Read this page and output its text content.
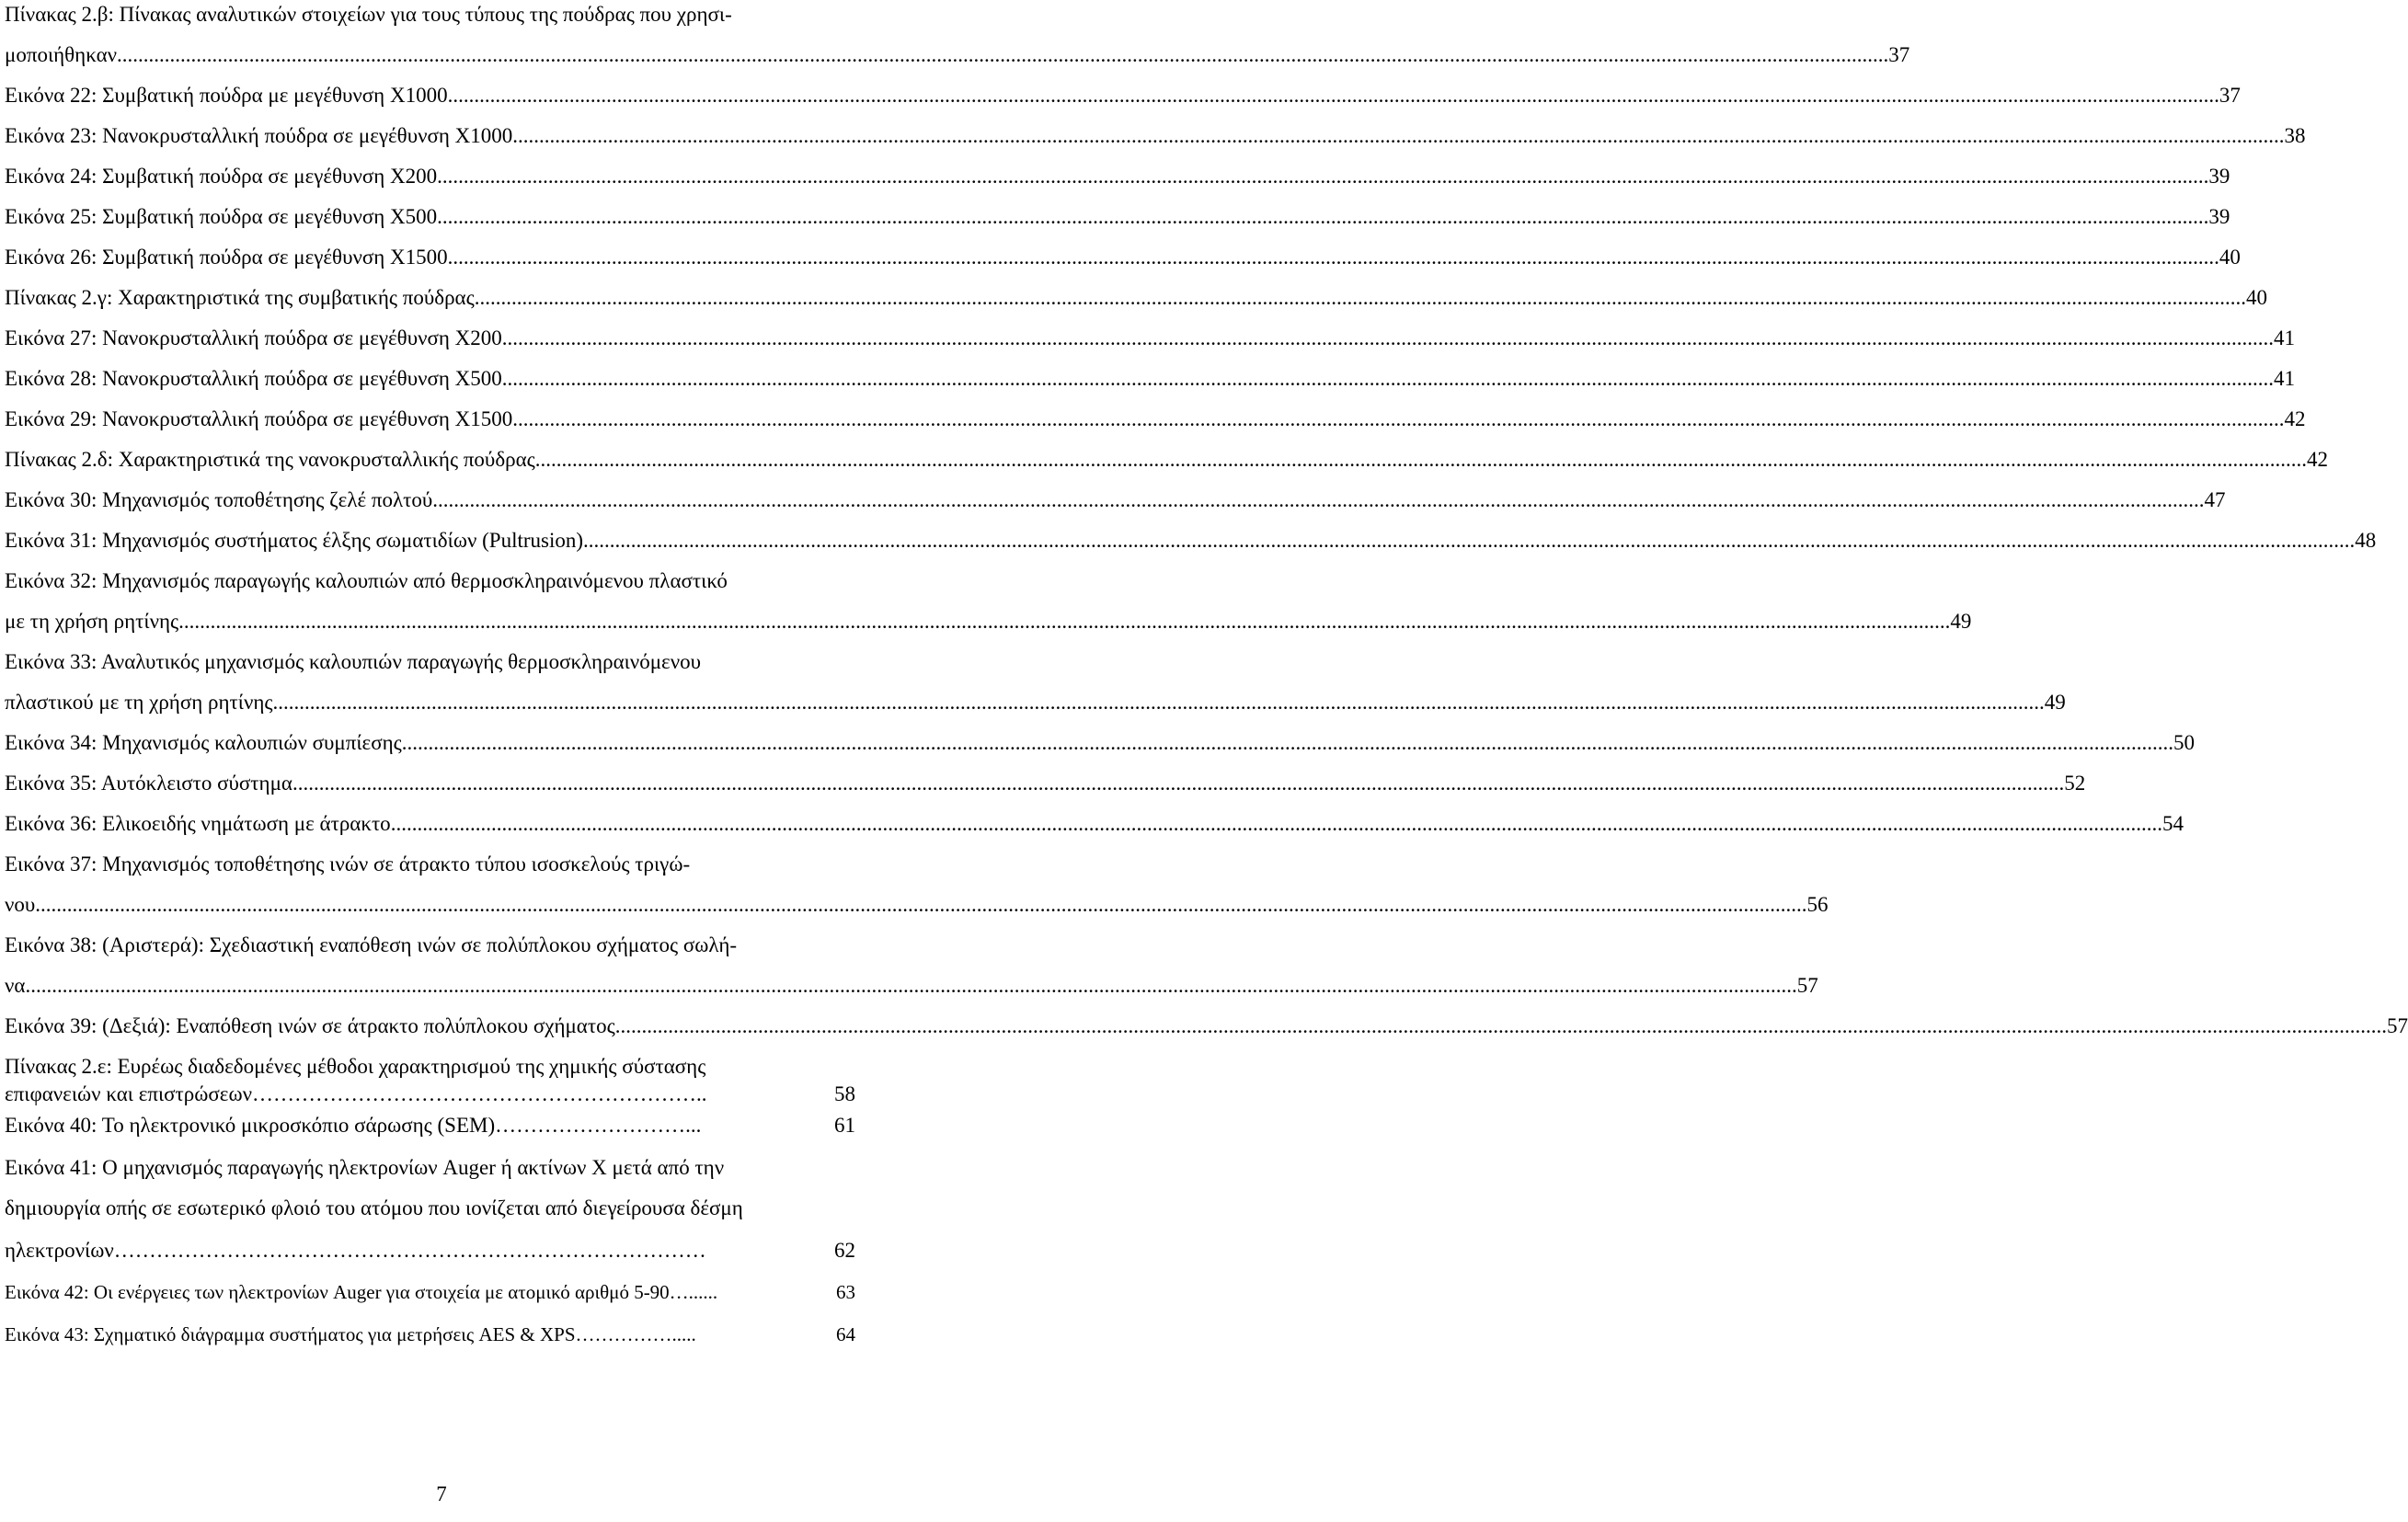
Πίνακας 2.β: Πίνακας αναλυτικών στοιχείων για τους τύπους της πούδρας που χρησι-
μοποιήθηκαν .....	37
Εικόνα 22: Συμβατική πούδρα με μεγέθυνση X1000 .....	37
Εικόνα 23: Νανοκρυσταλλική πούδρα σε μεγέθυνση X1000 .....	38
Εικόνα 24: Συμβατική πούδρα σε μεγέθυνση X200 .....	39
Εικόνα 25: Συμβατική πούδρα σε μεγέθυνση X500 .....	39
Εικόνα 26: Συμβατική πούδρα σε μεγέθυνση X1500 .....	40
Πίνακας 2.γ: Χαρακτηριστικά της συμβατικής πούδρας .....	40
Εικόνα 27: Νανοκρυσταλλική πούδρα σε μεγέθυνση X200 .....	41
Εικόνα 28: Νανοκρυσταλλική πούδρα σε μεγέθυνση X500 .....	41
Εικόνα 29: Νανοκρυσταλλική πούδρα σε μεγέθυνση X1500 .....	42
Πίνακας 2.δ: Χαρακτηριστικά της νανοκρυσταλλικής πούδρας .....	42
Εικόνα 30: Μηχανισμός τοποθέτησης ζελέ πολτού .....	47
Εικόνα 31: Μηχανισμός συστήματος έλξης σωματιδίων (Pultrusion) .....	48
Εικόνα 32: Μηχανισμός παραγωγής καλουπιών από θερμοσκληραινόμενου πλαστικό
με τη χρήση ρητίνης .....	49
Εικόνα 33: Αναλυτικός μηχανισμός καλουπιών παραγωγής θερμοσκληραινόμενου
πλαστικού με τη χρήση ρητίνης .....	49
Εικόνα 34: Μηχανισμός καλουπιών συμπίεσης .....	50
Εικόνα 35: Αυτόκλειστο σύστημα .....	52
Εικόνα 36: Ελικοειδής νημάτωση με άτρακτο .....	54
Εικόνα 37: Μηχανισμός τοποθέτησης ινών σε άτρακτο τύπου ισοσκελούς τριγώ-
νου .....	56
Εικόνα 38: (Αριστερά): Σχεδιαστική εναπόθεση ινών σε πολύπλοκου σχήματος σωλή-
να .....	57
Εικόνα 39: (Δεξιά): Εναπόθεση ινών σε άτρακτο πολύπλοκου σχήματος .....	57
Πίνακας 2.ε: Ευρέως διαδεδομένες μέθοδοι χαρακτηρισμού της χημικής σύστασης
επιφανειών και επιστρώσεων………………………………………………………..	58
Εικόνα 40: Το ηλεκτρονικό μικροσκόπιο σάρωσης (SEM)………………………...	61
Εικόνα 41: Ο μηχανισμός παραγωγής ηλεκτρονίων Auger ή ακτίνων X μετά από την
δημιουργία οπής σε εσωτερικό φλοιό του ατόμου που ιονίζεται από διεγείρουσα δέσμη
ηλεκτρονίων…………………………………………………………………………	62
Εικόνα 42: Οι ενέργειες των ηλεκτρονίων Auger για στοιχεία με ατομικό αριθμό 5-90…......	63
Εικόνα 43: Σχηματικό διάγραμμα συστήματος για μετρήσεις AES & XPS…………….....	64
7
